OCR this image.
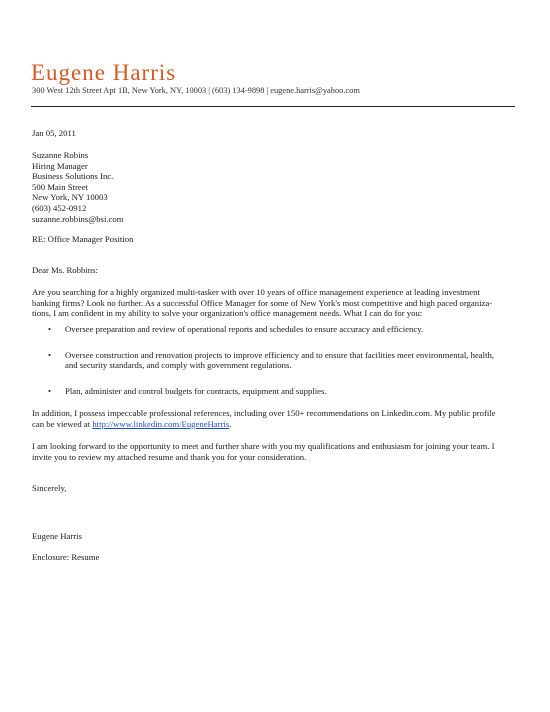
Eugene Harris
300 West 12th Street Apt 1B, New York, NY, 10003 | (603) 134-9898 | eugene.harris@yahoo.com
Jan 05, 2011
Suzanne Robins
Hiring Manager
Business Solutions Inc.
500 Main Street
New York, NY 10003
(603) 452-0912
suzanne.robbins@bsi.com
RE: Office Manager Position
Dear Ms. Robbins:
Are you searching for a highly organized multi-tasker with over 10 years of office management experience at leading investment
banking firms? Look no further. As a successful Office Manager for some of New York's most competitive and high paced organiza-
tions, I am confident in my ability to solve your organization's office management needs. What I can do for you:
• Oversee preparation and review of operational reports and schedules to ensure accuracy and efficiency.
• Oversee construction and renovation projects to improve efficiency and to ensure that facilities meet environmental, health,
and security standards, and comply with government regulations.
• Plan, administer and control budgets for contracts, equipment and supplies.
In addition, I possess impeccable professional references, including over 150+ recommendations on Linkedin.com. My public profile
can be viewed at http://www.linkedin.com/EugeneHarris.
I am looking forward to the opportunity to meet and further share with you my qualifications and enthusiasm for joining your team. I
invite you to review my attached resume and thank you for your consideration.
Sincerely,
Eugene Harris
Enclosure: Resume
